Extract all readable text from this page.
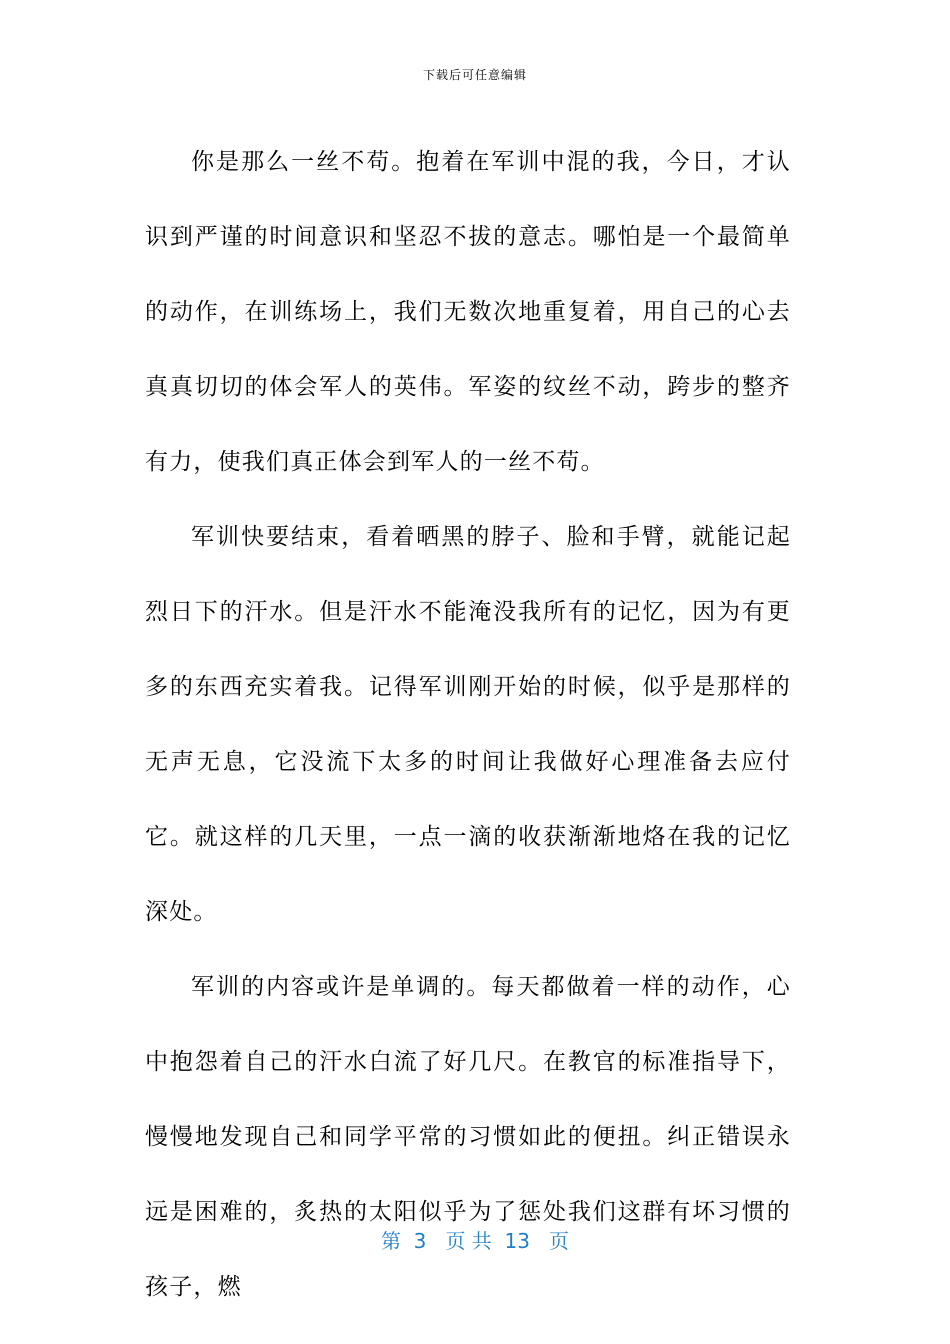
下载后可任意编辑

你是那么一丝不苟。抱着在军训中混的我，今日，才认识到严谨的时间意识和坚忍不拔的意志。哪怕是一个最简单的动作，在训练场上，我们无数次地重复着，用自己的心去真真切切的体会军人的英伟。军姿的纹丝不动，跨步的整齐有力，使我们真正体会到军人的一丝不苟。

军训快要结束，看着晒黑的脖子、脸和手臂，就能记起烈日下的汗水。但是汗水不能淹没我所有的记忆，因为有更多的东西充实着我。记得军训刚开始的时候，似乎是那样的无声无息，它没流下太多的时间让我做好心理准备去应付它。就这样的几天里，一点一滴的收获渐渐地烙在我的记忆深处。

军训的内容或许是单调的。每天都做着一样的动作，心中抱怨着自己的汗水白流了好几尺。在教官的标准指导下，慢慢地发现自己和同学平常的习惯如此的便扭。纠正错误永远是困难的，炙热的太阳似乎为了惩处我们这群有坏习惯的孩子，燃

第  3   页 共  13   页
